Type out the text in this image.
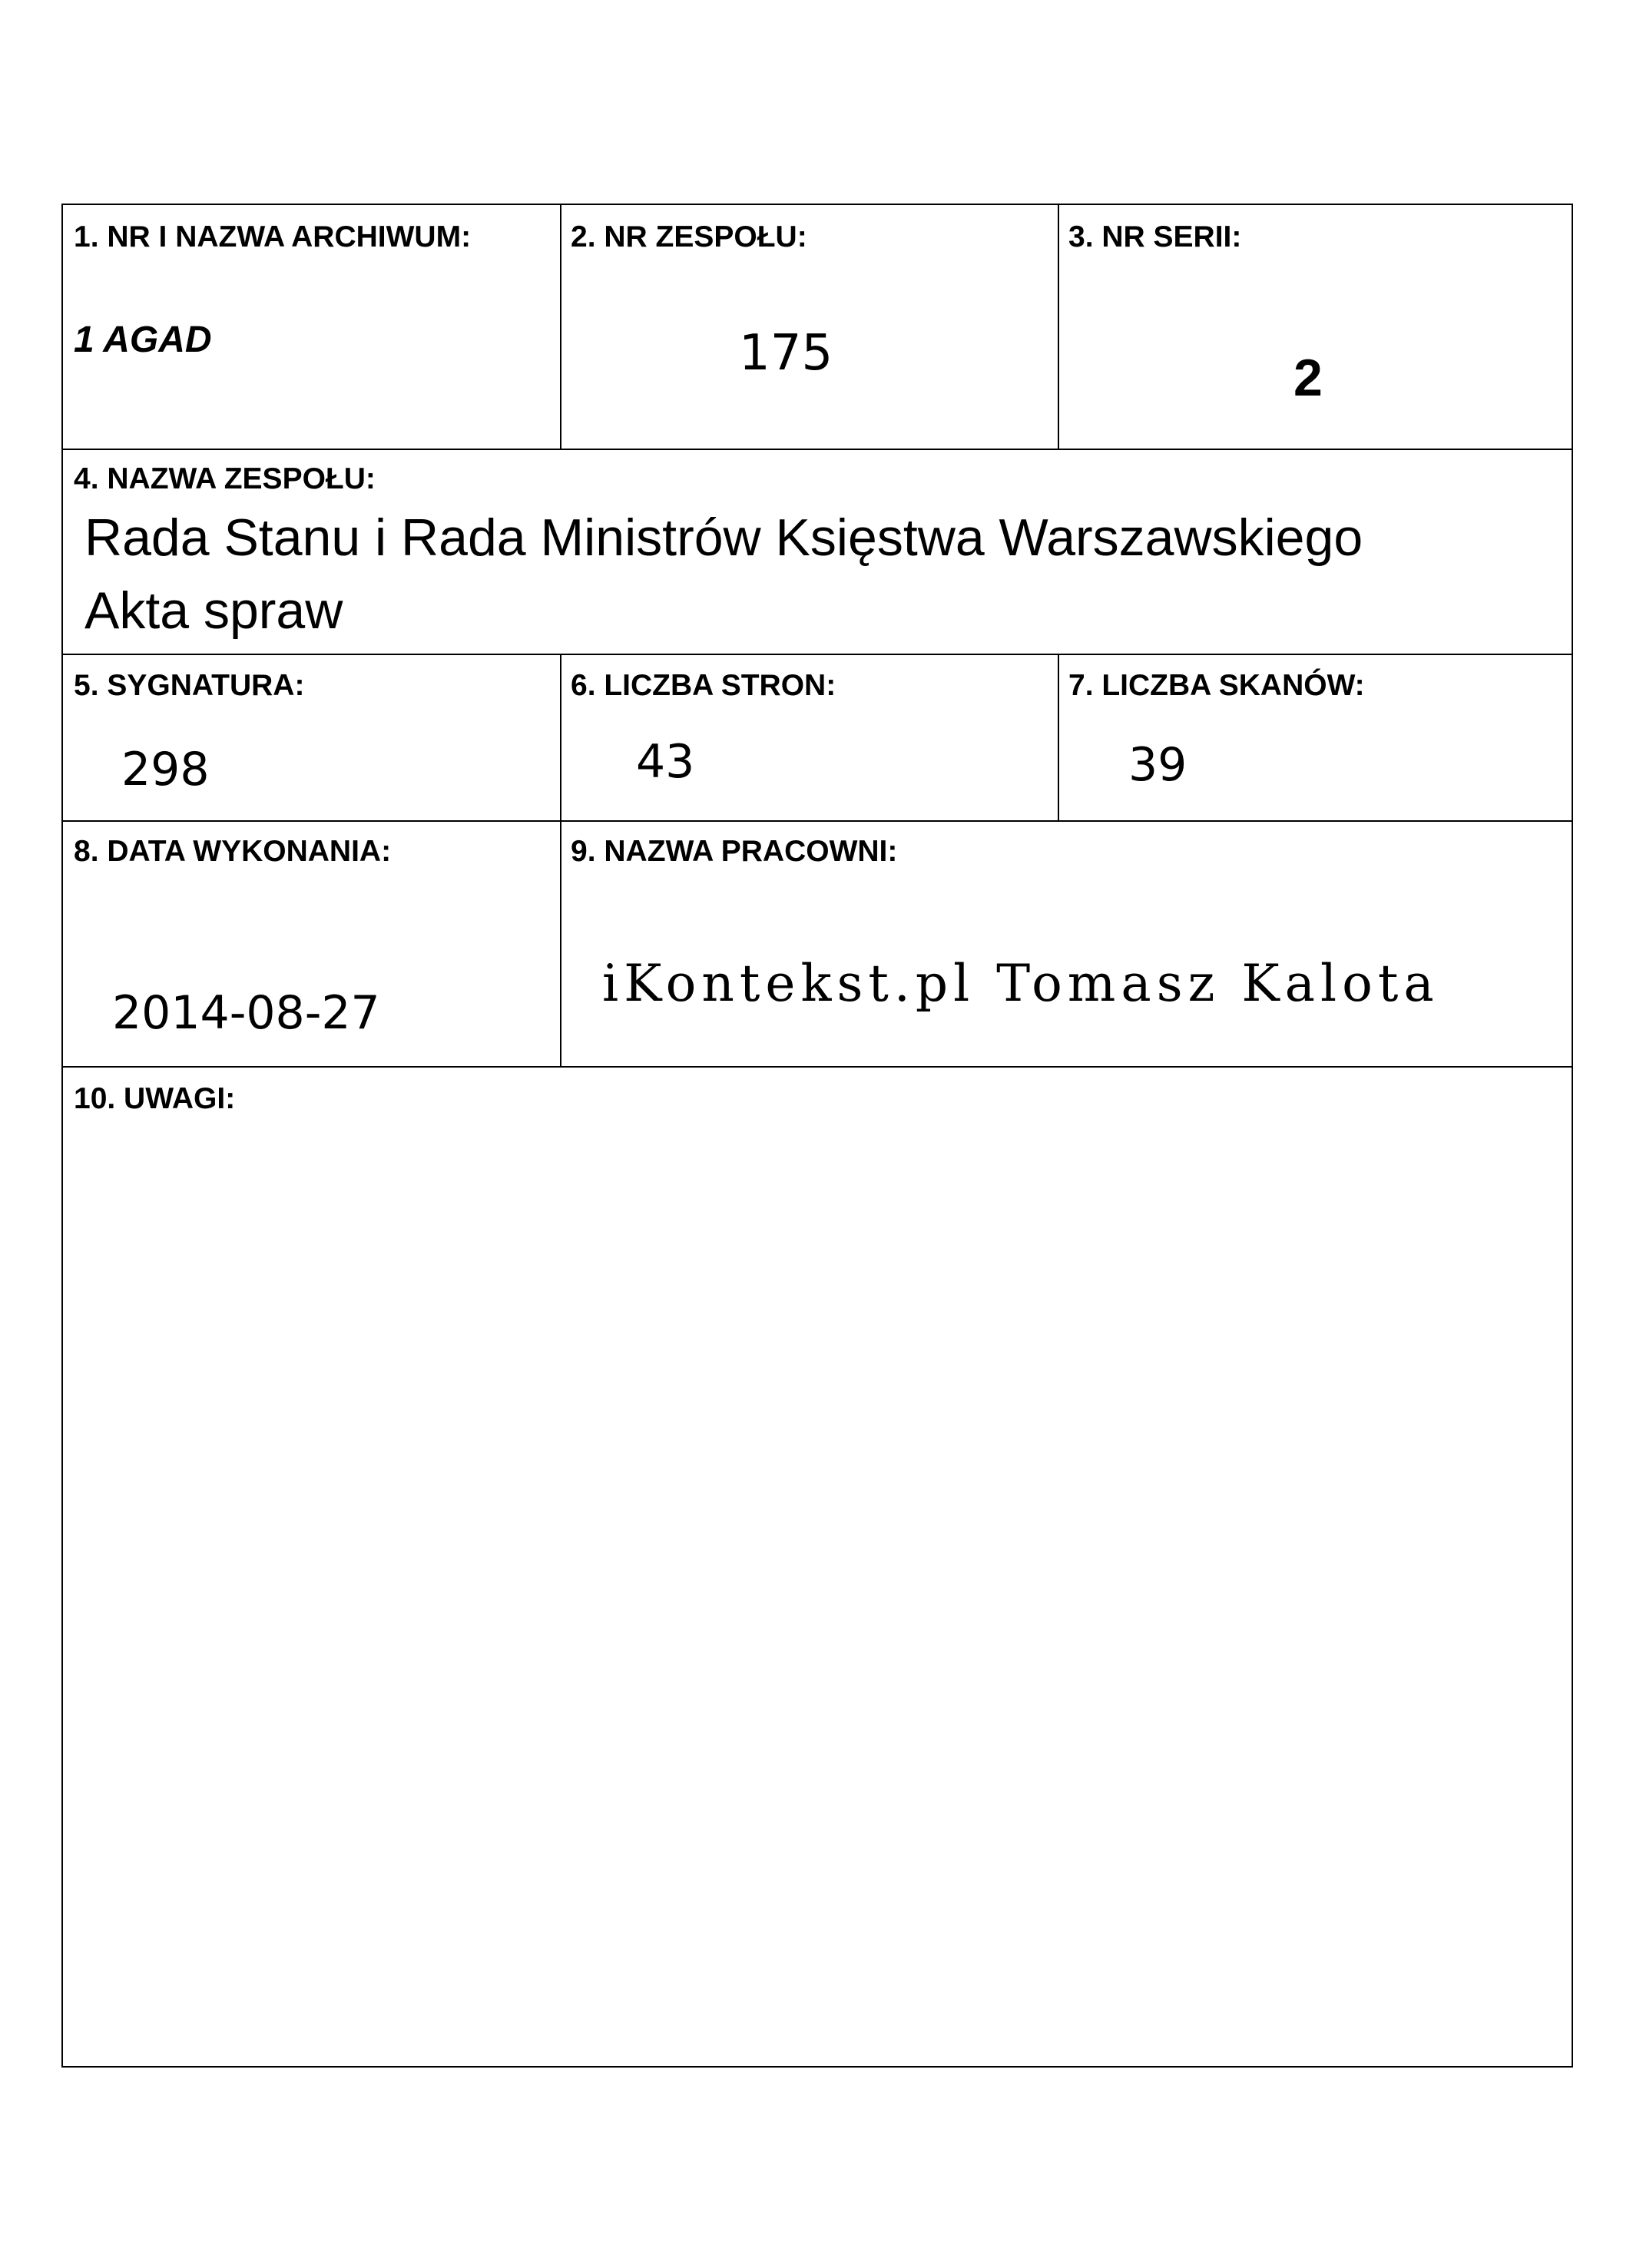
1. NR I NAZWA ARCHIWUM:
1 AGAD
2. NR ZESPOŁU:
175
3. NR SERII:
2
4. NAZWA ZESPOŁU:
Rada Stanu i Rada Ministrów Księstwa Warszawskiego
Akta spraw
5. SYGNATURA:
298
6. LICZBA STRON:
43
7. LICZBA SKANÓW:
39
8. DATA WYKONANIA:
2014-08-27
9. NAZWA PRACOWNI:
iKontekst.pl Tomasz Kalota
10. UWAGI:
